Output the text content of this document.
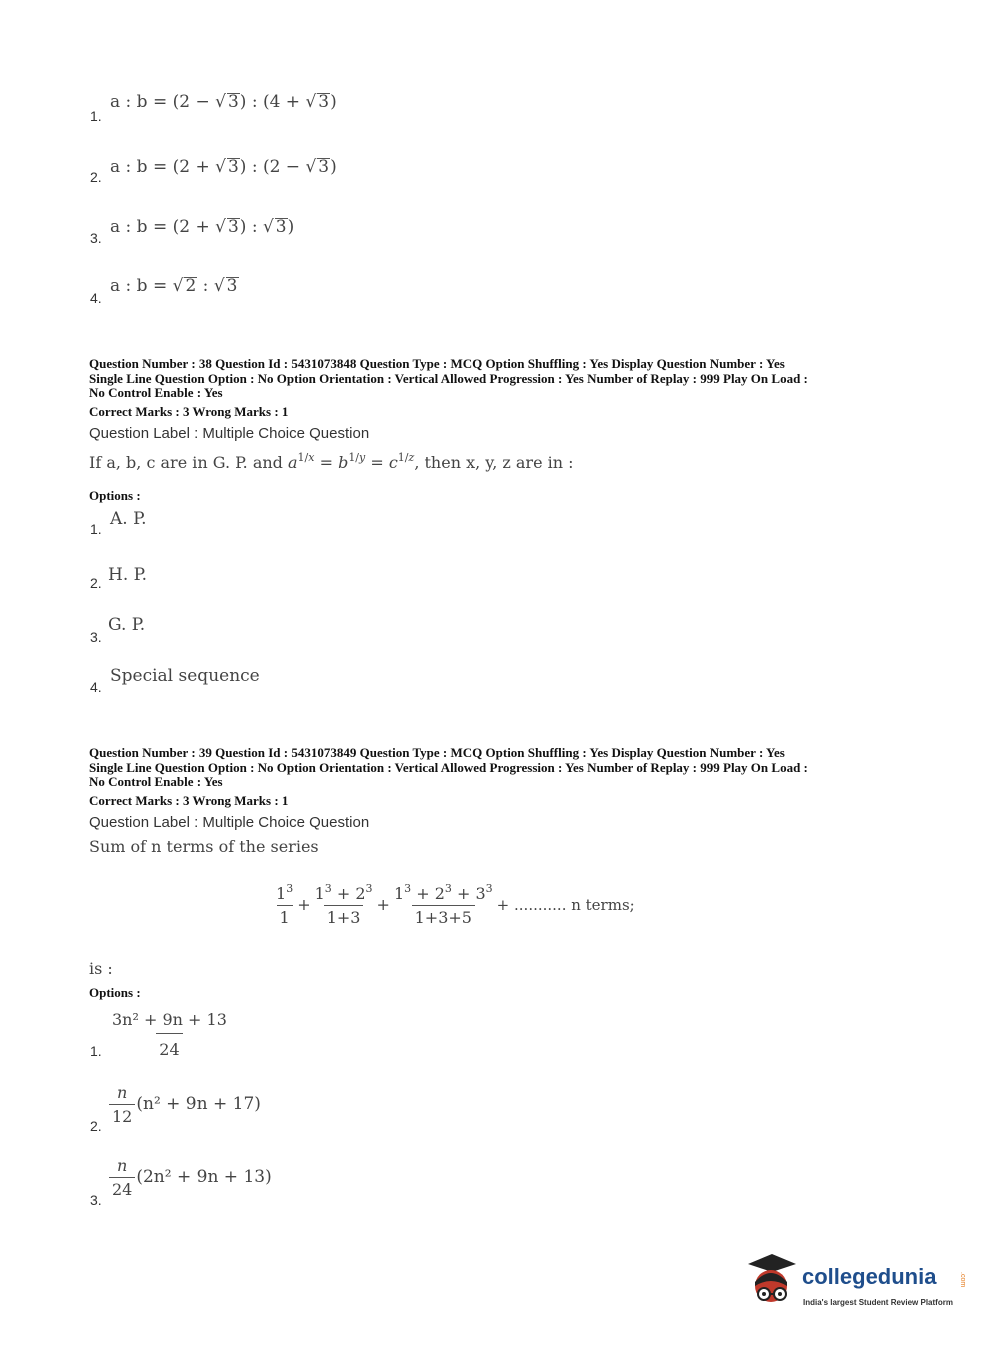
1.
a : b = (2 − √ 3) : (4 + √ 3)
2. a : b = (2 + √ 3) : (2 − √ 3)
3.
a : b = (2 + √ 3) : √ 3)
4.
a : b = √ 2 : √ 3
Question Number : 38 Question Id : 5431073848 Question Type : MCQ Option Shuffling : Yes Display Question Number : Yes
Single Line Question Option : No Option Orientation : Vertical Allowed Progression : Yes Number of Replay : 999 Play On Load :
No Control Enable : Yes
Correct Marks : 3 Wrong Marks : 1
Question Label : Multiple Choice Question
If a, b, c are in G. P. and $a^{1/x} = b^{1/y} = c^{1/z}$, then x, y, z are in :
Options :
1. A. P.
2. H. P.
3.
G. P.
4.
Special sequence
Question Number : 39 Question Id : 5431073849 Question Type : MCQ Option Shuffling : Yes Display Question Number : Yes
Single Line Question Option : No Option Orientation : Vertical Allowed Progression : Yes Number of Replay : 999 Play On Load :
No Control Enable : Yes
Correct Marks : 3 Wrong Marks : 1
Question Label : Multiple Choice Question
Sum of n terms of the series
$\frac{1^3}{1} + \frac{1^3 + 2^3}{1+3} + \frac{1^3 + 2^3 + 3^3}{1+3+5}$ + ........... n terms;
is :
Options :
1. $\frac{\text{3n² + 9n + 13}}{24}$
2. $\frac{n}{12} (n^2 + 9n + 17)$
3.
$\frac{n}{24} (2n^2 + 9n + 13)$
collegedunia	.com
India's largest Student Review Platform
